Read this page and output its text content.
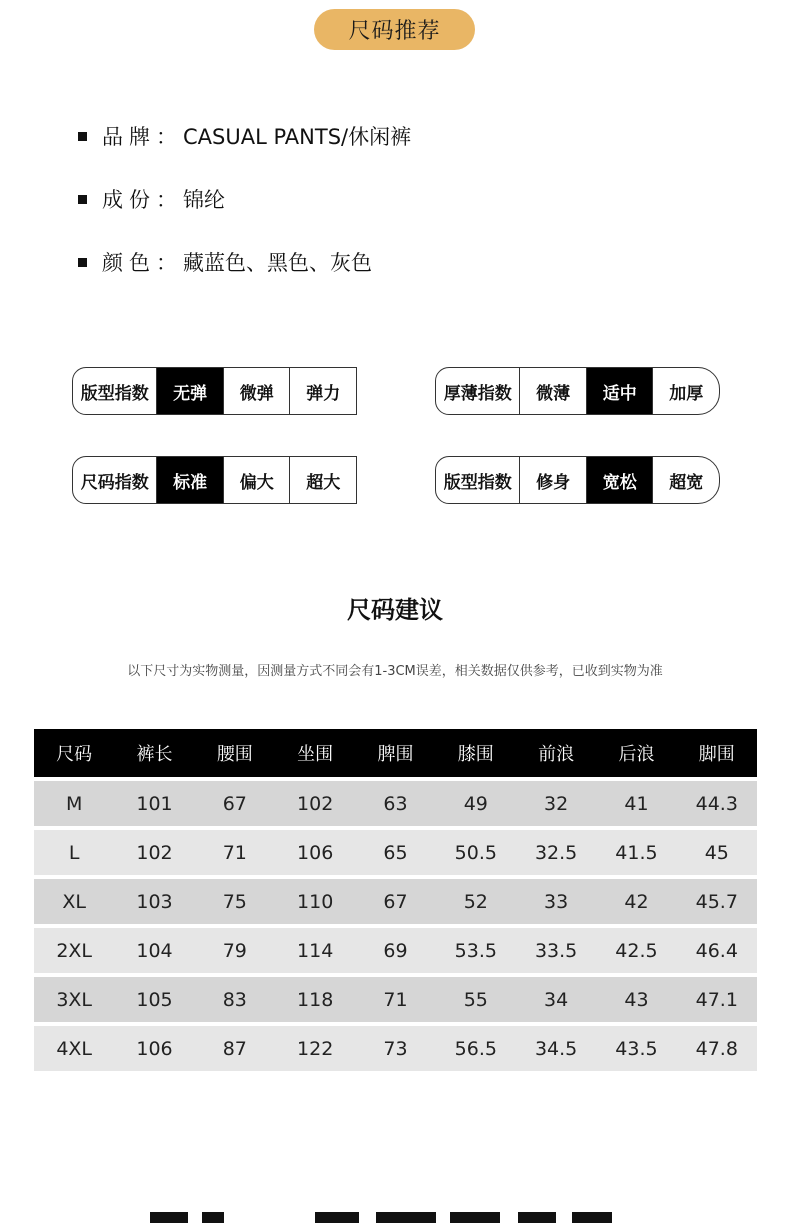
尺码推荐
品牌 ： CASUAL PANTS/休闲裤
成份 ： 锦纶
颜色 ： 藏蓝色、黑色、灰色
版型指数	无弹	微弹	弹力	厚薄指数	微薄	适中	加厚
尺码指数	标准	偏大	超大	版型指数	修身	宽松	超宽
尺码建议
以下尺寸为实物测量，因测量方式不同会有1-3CM误差，相关数据仅供参考，已收到实物为准
尺码	裤长	腰围	坐围	脾围	膝围	前浪	后浪	脚围
M	101	67	102	63	49	32	41	44.3
L	102	71	106	65	50.5	32.5	41.5	45
XL	103	75	110	67	52	33	42	45.7
2XL	104	79	114	69	53.5	33.5	42.5	46.4
3XL	105	83	118	71	55	34	43	47.1
4XL	106	87	122	73	56.5	34.5	43.5	47.8
